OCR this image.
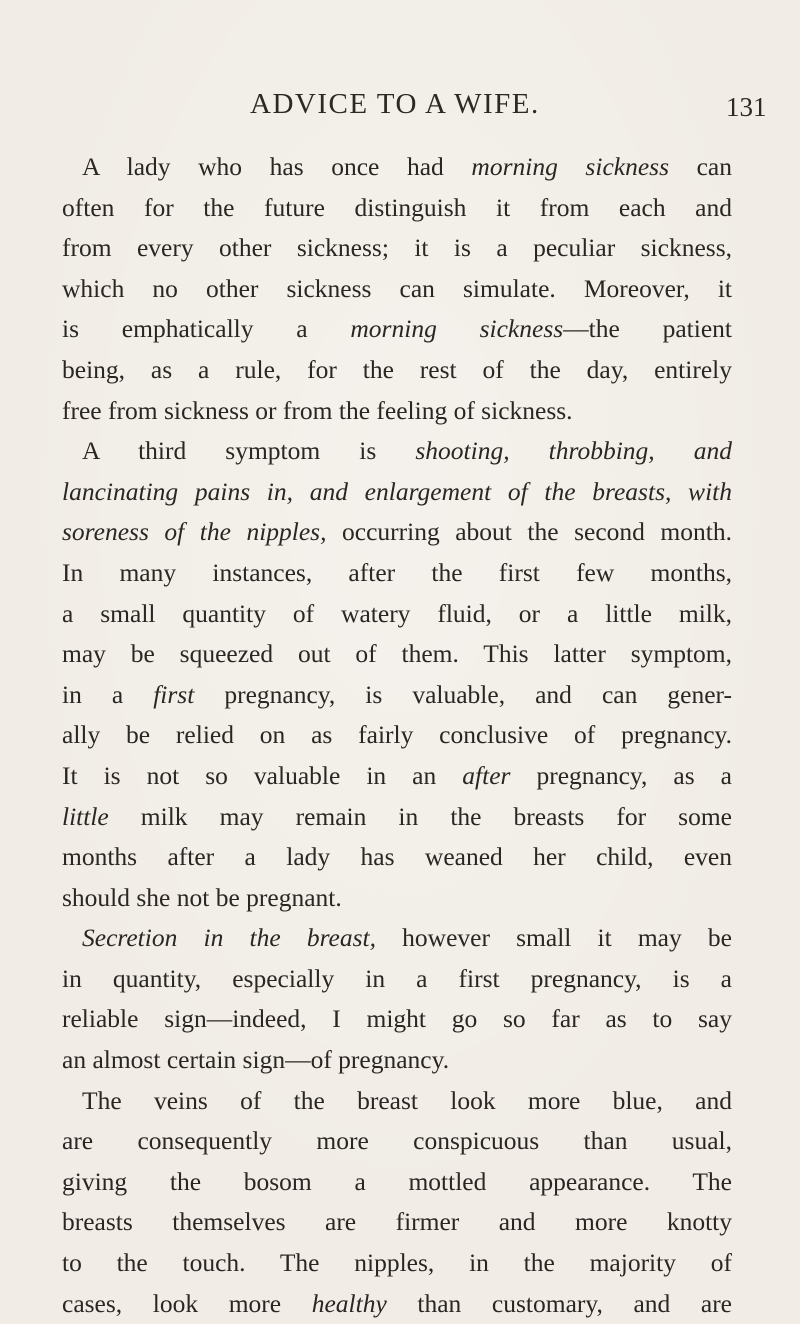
ADVICE TO A WIFE.	131
A lady who has once had morning sickness can
often for the future distinguish it from each and
from every other sickness; it is a peculiar sickness,
which no other sickness can simulate. Moreover, it
is emphatically a morning sickness—the patient
being, as a rule, for the rest of the day, entirely
free from sickness or from the feeling of sickness.
A third symptom is shooting, throbbing, and
lancinating pains in, and enlargement of the breasts, with
soreness of the nipples, occurring about the second month.
In many instances, after the first few months,
a small quantity of watery fluid, or a little milk,
may be squeezed out of them. This latter symptom,
in a first pregnancy, is valuable, and can gener-
ally be relied on as fairly conclusive of pregnancy.
It is not so valuable in an after pregnancy, as a
little milk may remain in the breasts for some
months after a lady has weaned her child, even
should she not be pregnant.
Secretion in the breast, however small it may be
in quantity, especially in a first pregnancy, is a
reliable sign—indeed, I might go so far as to say
an almost certain sign—of pregnancy.
The veins of the breast look more blue, and
are consequently more conspicuous than usual,
giving the bosom a mottled appearance. The
breasts themselves are firmer and more knotty
to the touch. The nipples, in the majority of
cases, look more healthy than customary, and are
